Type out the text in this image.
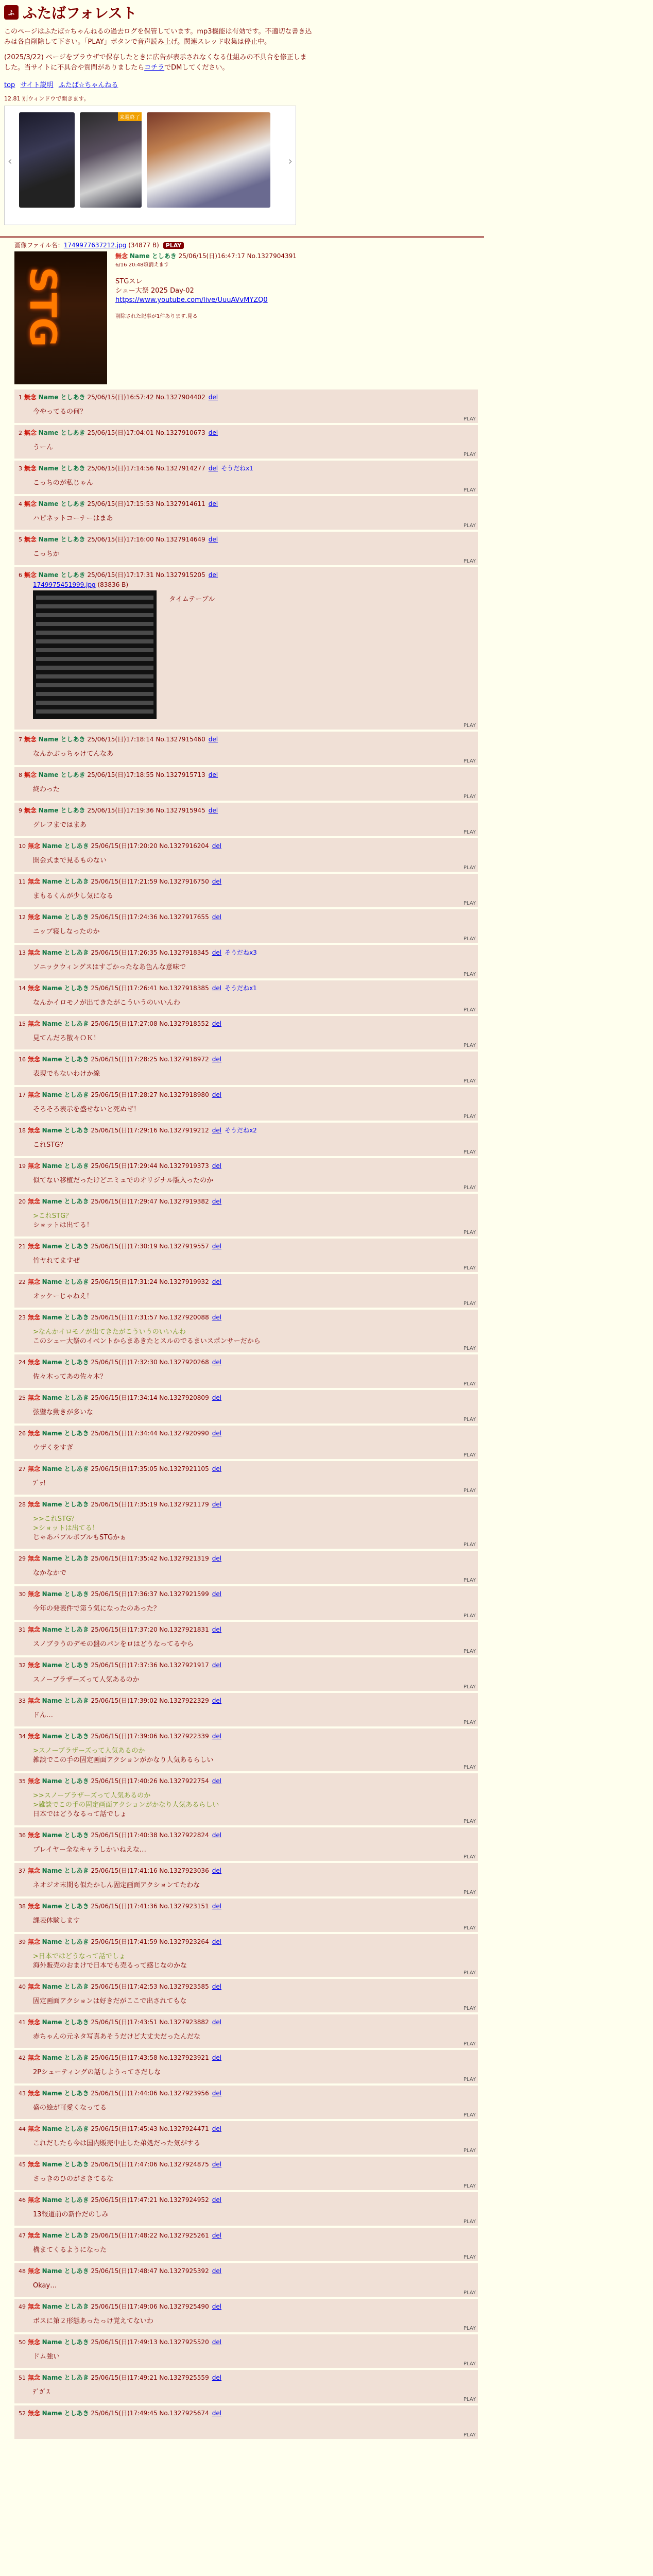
ふ ふたばフォレスト
このページはふたば☆ちゃんねるの過去ログを保管しています。mp3機能は有効です。不適切な書き込みは各自削除して下さい。「PLAY」ボタンで音声読み上げ。関連スレッド収集は停止中。
(2025/3/22) ページをブラウザで保存したときに広告が表示されなくなる仕組みの不具合を修正しました。当サイトに不具合や質問がありましたらコチラでDMしてください。
top サイト説明 ふたば☆ちゃんねる
12.81 別ウィンドウで開きます。
‹
来週終了
›
画像ファイル名：1749977637212.jpg (34877 B) PLAY
STG
無念 Name としあき 25/06/15(日)16:47:17 No.1327904391
6/16 20:48頃消えます
STGスレ
シュー大祭 2025 Day-02
https://www.youtube.com/live/UuuAVvMYZQ0
削除された記事が1件あります.見る
1 無念 Name としあき 25/06/15(日)16:57:42 No.1327904402 del
今やってるの何？
PLAY
2 無念 Name としあき 25/06/15(日)17:04:01 No.1327910673 del
うーん
PLAY
3 無念 Name としあき 25/06/15(日)17:14:56 No.1327914277 del そうだねx1
こっちのが私じゃん
PLAY
4 無念 Name としあき 25/06/15(日)17:15:53 No.1327914611 del
ハピネットコーナーはまあ
PLAY
5 無念 Name としあき 25/06/15(日)17:16:00 No.1327914649 del
こっちか
PLAY
6 無念 Name としあき 25/06/15(日)17:17:31 No.1327915205 del
1749975451999.jpg (83836 B)
タイムテーブル
PLAY
7 無念 Name としあき 25/06/15(日)17:18:14 No.1327915460 del
なんかぶっちゃけてんなあ
PLAY
8 無念 Name としあき 25/06/15(日)17:18:55 No.1327915713 del
終わった
PLAY
9 無念 Name としあき 25/06/15(日)17:19:36 No.1327915945 del
グレフまではまあ
PLAY
10 無念 Name としあき 25/06/15(日)17:20:20 No.1327916204 del
開会式まで見るものない
PLAY
11 無念 Name としあき 25/06/15(日)17:21:59 No.1327916750 del
まもるくんが少し気になる
PLAY
12 無念 Name としあき 25/06/15(日)17:24:36 No.1327917655 del
ニップ寝しなったのか
PLAY
13 無念 Name としあき 25/06/15(日)17:26:35 No.1327918345 del そうだねx3
ソニックウィングスはすごかったなあ色んな意味で
PLAY
14 無念 Name としあき 25/06/15(日)17:26:41 No.1327918385 del そうだねx1
なんかイロモノが出てきたがこういうのいいんわ
PLAY
15 無念 Name としあき 25/06/15(日)17:27:08 No.1327918552 del
見てんだろ散々ＯＫ！
PLAY
16 無念 Name としあき 25/06/15(日)17:28:25 No.1327918972 del
表現でもないわけか線
PLAY
17 無念 Name としあき 25/06/15(日)17:28:27 No.1327918980 del
そろそろ表示を盛せないと死ぬぜ！
PLAY
18 無念 Name としあき 25/06/15(日)17:29:16 No.1327919212 del そうだねx2
これSTG？
PLAY
19 無念 Name としあき 25/06/15(日)17:29:44 No.1327919373 del
似てない移植だったけどエミュでのオリジナル版入ったのか
PLAY
20 無念 Name としあき 25/06/15(日)17:29:47 No.1327919382 del
>これSTG？
ショットは出てる！
PLAY
21 無念 Name としあき 25/06/15(日)17:30:19 No.1327919557 del
竹ヤれてますぜ
PLAY
22 無念 Name としあき 25/06/15(日)17:31:24 No.1327919932 del
オッケーじゃねえ！
PLAY
23 無念 Name としあき 25/06/15(日)17:31:57 No.1327920088 del
>なんかイロモノが出てきたがこういうのいいんわ
このシュー大祭のイベントからまあきたとスルのでるまいスポンサーだから
PLAY
24 無念 Name としあき 25/06/15(日)17:32:30 No.1327920268 del
佐々木ってあの佐々木？
PLAY
25 無念 Name としあき 25/06/15(日)17:34:14 No.1327920809 del
弦璧な動きが多いな
PLAY
26 無念 Name としあき 25/06/15(日)17:34:44 No.1327920990 del
ウザくをすぎ
PLAY
27 無念 Name としあき 25/06/15(日)17:35:05 No.1327921105 del
ﾌﾞｯ!
PLAY
28 無念 Name としあき 25/06/15(日)17:35:19 No.1327921179 del
>>これSTG？
>ショットは出てる！
じゃあパプルボブルもSTGかぁ
PLAY
29 無念 Name としあき 25/06/15(日)17:35:42 No.1327921319 del
なかなかで
PLAY
30 無念 Name としあき 25/06/15(日)17:36:37 No.1327921599 del
今年の発表件で第う気になったのあった？
PLAY
31 無念 Name としあき 25/06/15(日)17:37:20 No.1327921831 del
スノブラうのデモの盤のパンをロはどうなってるやら
PLAY
32 無念 Name としあき 25/06/15(日)17:37:36 No.1327921917 del
スノーブラザーズって人気あるのか
PLAY
33 無念 Name としあき 25/06/15(日)17:39:02 No.1327922329 del
ドん…
PLAY
34 無念 Name としあき 25/06/15(日)17:39:06 No.1327922339 del
>スノーブラザーズって人気あるのか
雑談でこの手の固定画面アクションがかなり人気あるらしい
PLAY
35 無念 Name としあき 25/06/15(日)17:40:26 No.1327922754 del
>>スノーブラザーズって人気あるのか
>雑談でこの手の固定画面アクションがかなり人気あるらしい
日本ではどうなるって話でしょ
PLAY
36 無念 Name としあき 25/06/15(日)17:40:38 No.1327922824 del
プレイヤー全なキャラしかいねえな…
PLAY
37 無念 Name としあき 25/06/15(日)17:41:16 No.1327923036 del
ネオジオ末期も似たかしん固定画面アクションてたわな
PLAY
38 無念 Name としあき 25/06/15(日)17:41:36 No.1327923151 del
課表体験します
PLAY
39 無念 Name としあき 25/06/15(日)17:41:59 No.1327923264 del
>日本ではどうなって話でしょ
海外販売のおまけで日本でも売るって感じなのかな
PLAY
40 無念 Name としあき 25/06/15(日)17:42:53 No.1327923585 del
固定画面アクションは好きだがここで出されてもな
PLAY
41 無念 Name としあき 25/06/15(日)17:43:51 No.1327923882 del
赤ちゃんの元ネタ写真あそうだけど大丈夫だったんだな
PLAY
42 無念 Name としあき 25/06/15(日)17:43:58 No.1327923921 del
2Pシューティングの話しようってさだしな
PLAY
43 無念 Name としあき 25/06/15(日)17:44:06 No.1327923956 del
盛の絵が可愛くなってる
PLAY
44 無念 Name としあき 25/06/15(日)17:45:43 No.1327924471 del
これだしたら今は国内販売中止した弟処だった気がする
PLAY
45 無念 Name としあき 25/06/15(日)17:47:06 No.1327924875 del
さっきのひのがさきてるな
PLAY
46 無念 Name としあき 25/06/15(日)17:47:21 No.1327924952 del
13報道前の新作だのしみ
PLAY
47 無念 Name としあき 25/06/15(日)17:48:22 No.1327925261 del
構まてくるようになった
PLAY
48 無念 Name としあき 25/06/15(日)17:48:47 No.1327925392 del
Okay…
PLAY
49 無念 Name としあき 25/06/15(日)17:49:06 No.1327925490 del
ボスに第２形態あったっけ覚えてないわ
PLAY
50 無念 Name としあき 25/06/15(日)17:49:13 No.1327925520 del
ドム強い
PLAY
51 無念 Name としあき 25/06/15(日)17:49:21 No.1327925559 del
ﾃﾞｶﾞｽ
PLAY
52 無念 Name としあき 25/06/15(日)17:49:45 No.1327925674 del
PLAY
